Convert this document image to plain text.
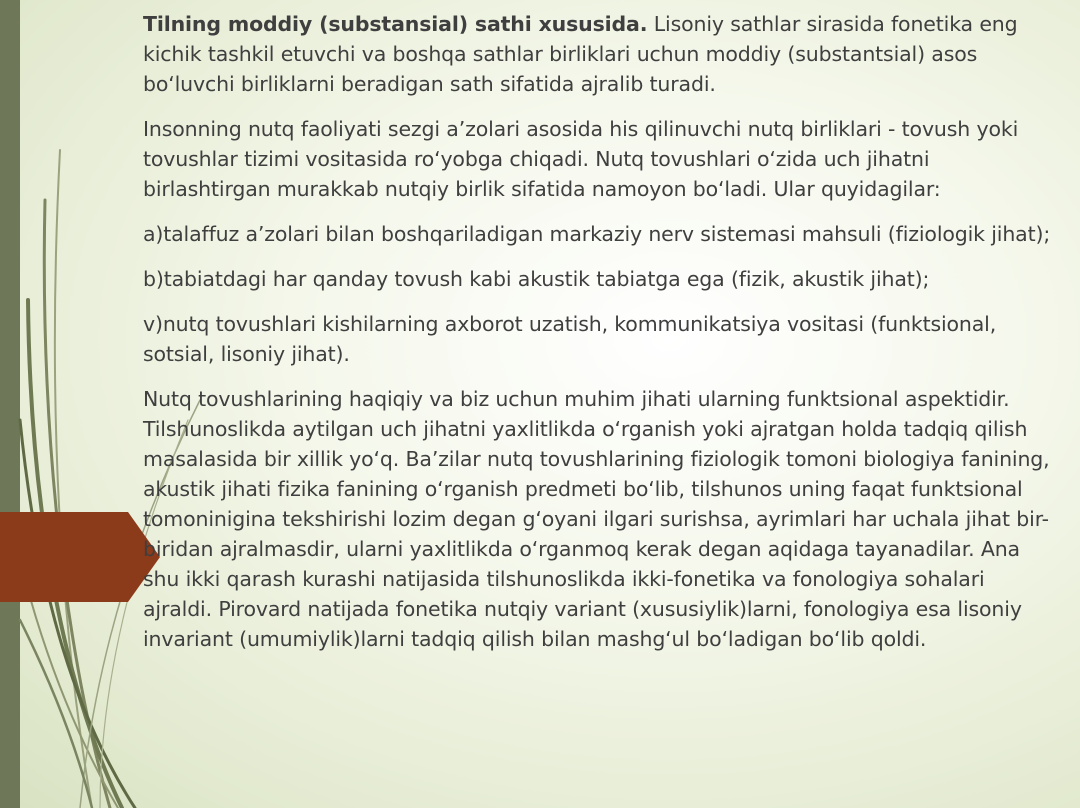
Tilning moddiy (substansial) sathi xususida. Lisoniy sathlar sirasida fonetika eng kichik tashkil etuvchi va boshqa sathlar birliklari uchun moddiy (substantsial) asos bo‘luvchi birliklarni beradigan sath sifatida ajralib turadi.

Insonning nutq faoliyati sezgi a’zolari asosida his qilinuvchi nutq birliklari - tovush yoki tovushlar tizimi vositasida ro‘yobga chiqadi. Nutq tovushlari o‘zida uch jihatni birlashtirgan murakkab nutqiy birlik sifatida namoyon bo‘ladi. Ular quyidagilar:

a)talaffuz a’zolari bilan boshqariladigan markaziy nerv sistemasi mahsuli (fiziologik jihat);

b)tabiatdagi har qanday tovush kabi akustik tabiatga ega (fizik, akustik jihat);

v)nutq tovushlari kishilarning axborot uzatish, kommunikatsiya vositasi (funktsional, sotsial, lisoniy jihat).

Nutq tovushlarining haqiqiy va biz uchun muhim jihati ularning funktsional aspektidir. Tilshunoslikda aytilgan uch jihatni yaxlitlikda o‘rganish yoki ajratgan holda tadqiq qilish masalasida bir xillik yo‘q. Ba’zilar nutq tovushlarining fiziologik tomoni biologiya fanining, akustik jihati fizika fanining o‘rganish predmeti bo‘lib, tilshunos uning faqat funktsional tomoninigina tekshirishi lozim degan g‘oyani ilgari surishsa, ayrimlari har uchala jihat bir-biridan ajralmasdir, ularni yaxlitlikda o‘rganmoq kerak degan aqidaga tayanadilar. Ana shu ikki qarash kurashi natijasida tilshunoslikda ikki-fonetika va fonologiya sohalari ajraldi. Pirovard natijada fonetika nutqiy variant (xususiylik)larni, fonologiya esa lisoniy invariant (umumiylik)larni tadqiq qilish bilan mashg‘ul bo‘ladigan bo‘lib qoldi.
